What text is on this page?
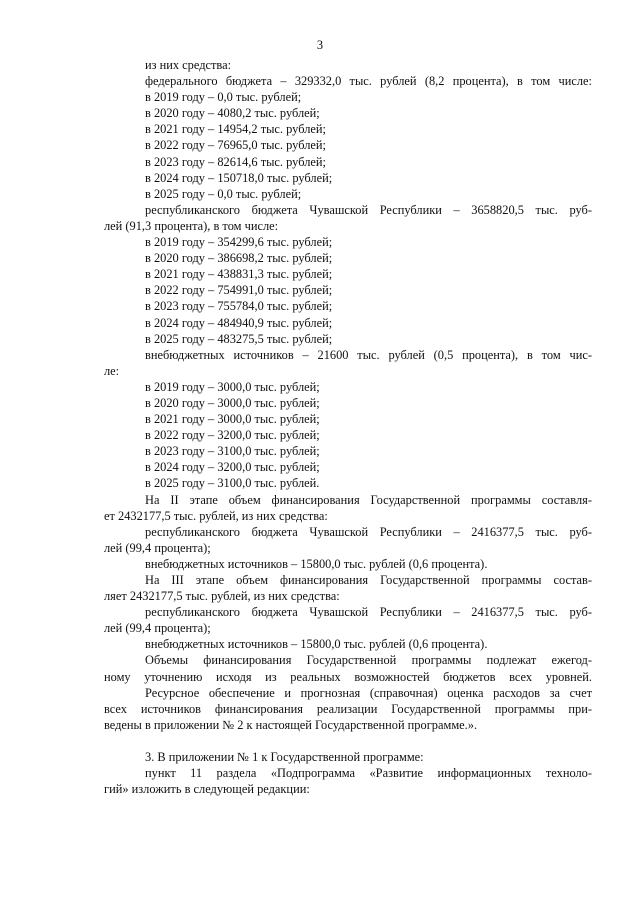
3
из них средства:
федерального бюджета – 329332,0 тыс. рублей (8,2 процента), в том числе:
в 2019 году – 0,0 тыс. рублей;
в 2020 году – 4080,2 тыс. рублей;
в 2021 году – 14954,2 тыс. рублей;
в 2022 году – 76965,0 тыс. рублей;
в 2023 году – 82614,6 тыс. рублей;
в 2024 году – 150718,0 тыс. рублей;
в 2025 году – 0,0 тыс. рублей;
республиканского бюджета Чувашской Республики – 3658820,5 тыс. руб-
лей (91,3 процента), в том числе:
в 2019 году – 354299,6 тыс. рублей;
в 2020 году – 386698,2 тыс. рублей;
в 2021 году – 438831,3 тыс. рублей;
в 2022 году – 754991,0 тыс. рублей;
в 2023 году – 755784,0 тыс. рублей;
в 2024 году – 484940,9 тыс. рублей;
в 2025 году – 483275,5 тыс. рублей;
внебюджетных источников – 21600 тыс. рублей (0,5 процента), в том чис-
ле:
в 2019 году – 3000,0 тыс. рублей;
в 2020 году – 3000,0 тыс. рублей;
в 2021 году – 3000,0 тыс. рублей;
в 2022 году – 3200,0 тыс. рублей;
в 2023 году – 3100,0 тыс. рублей;
в 2024 году – 3200,0 тыс. рублей;
в 2025 году – 3100,0 тыс. рублей.
На II этапе объем финансирования Государственной программы составля-
ет 2432177,5 тыс. рублей, из них средства:
республиканского бюджета Чувашской Республики – 2416377,5 тыс. руб-
лей (99,4 процента);
внебюджетных источников – 15800,0 тыс. рублей (0,6 процента).
На III этапе объем финансирования Государственной программы состав-
ляет 2432177,5 тыс. рублей, из них средства:
республиканского бюджета Чувашской Республики – 2416377,5 тыс. руб-
лей (99,4 процента);
внебюджетных источников – 15800,0 тыс. рублей (0,6 процента).
Объемы финансирования Государственной программы подлежат ежегод-
ному уточнению исходя из реальных возможностей бюджетов всех уровней.
Ресурсное обеспечение и прогнозная (справочная) оценка расходов за счет
всех источников финансирования реализации Государственной программы при-
ведены в приложении № 2 к настоящей Государственной программе.».
3. В приложении № 1 к Государственной программе:
пункт 11 раздела «Подпрограмма «Развитие информационных техноло-
гий» изложить в следующей редакции:
